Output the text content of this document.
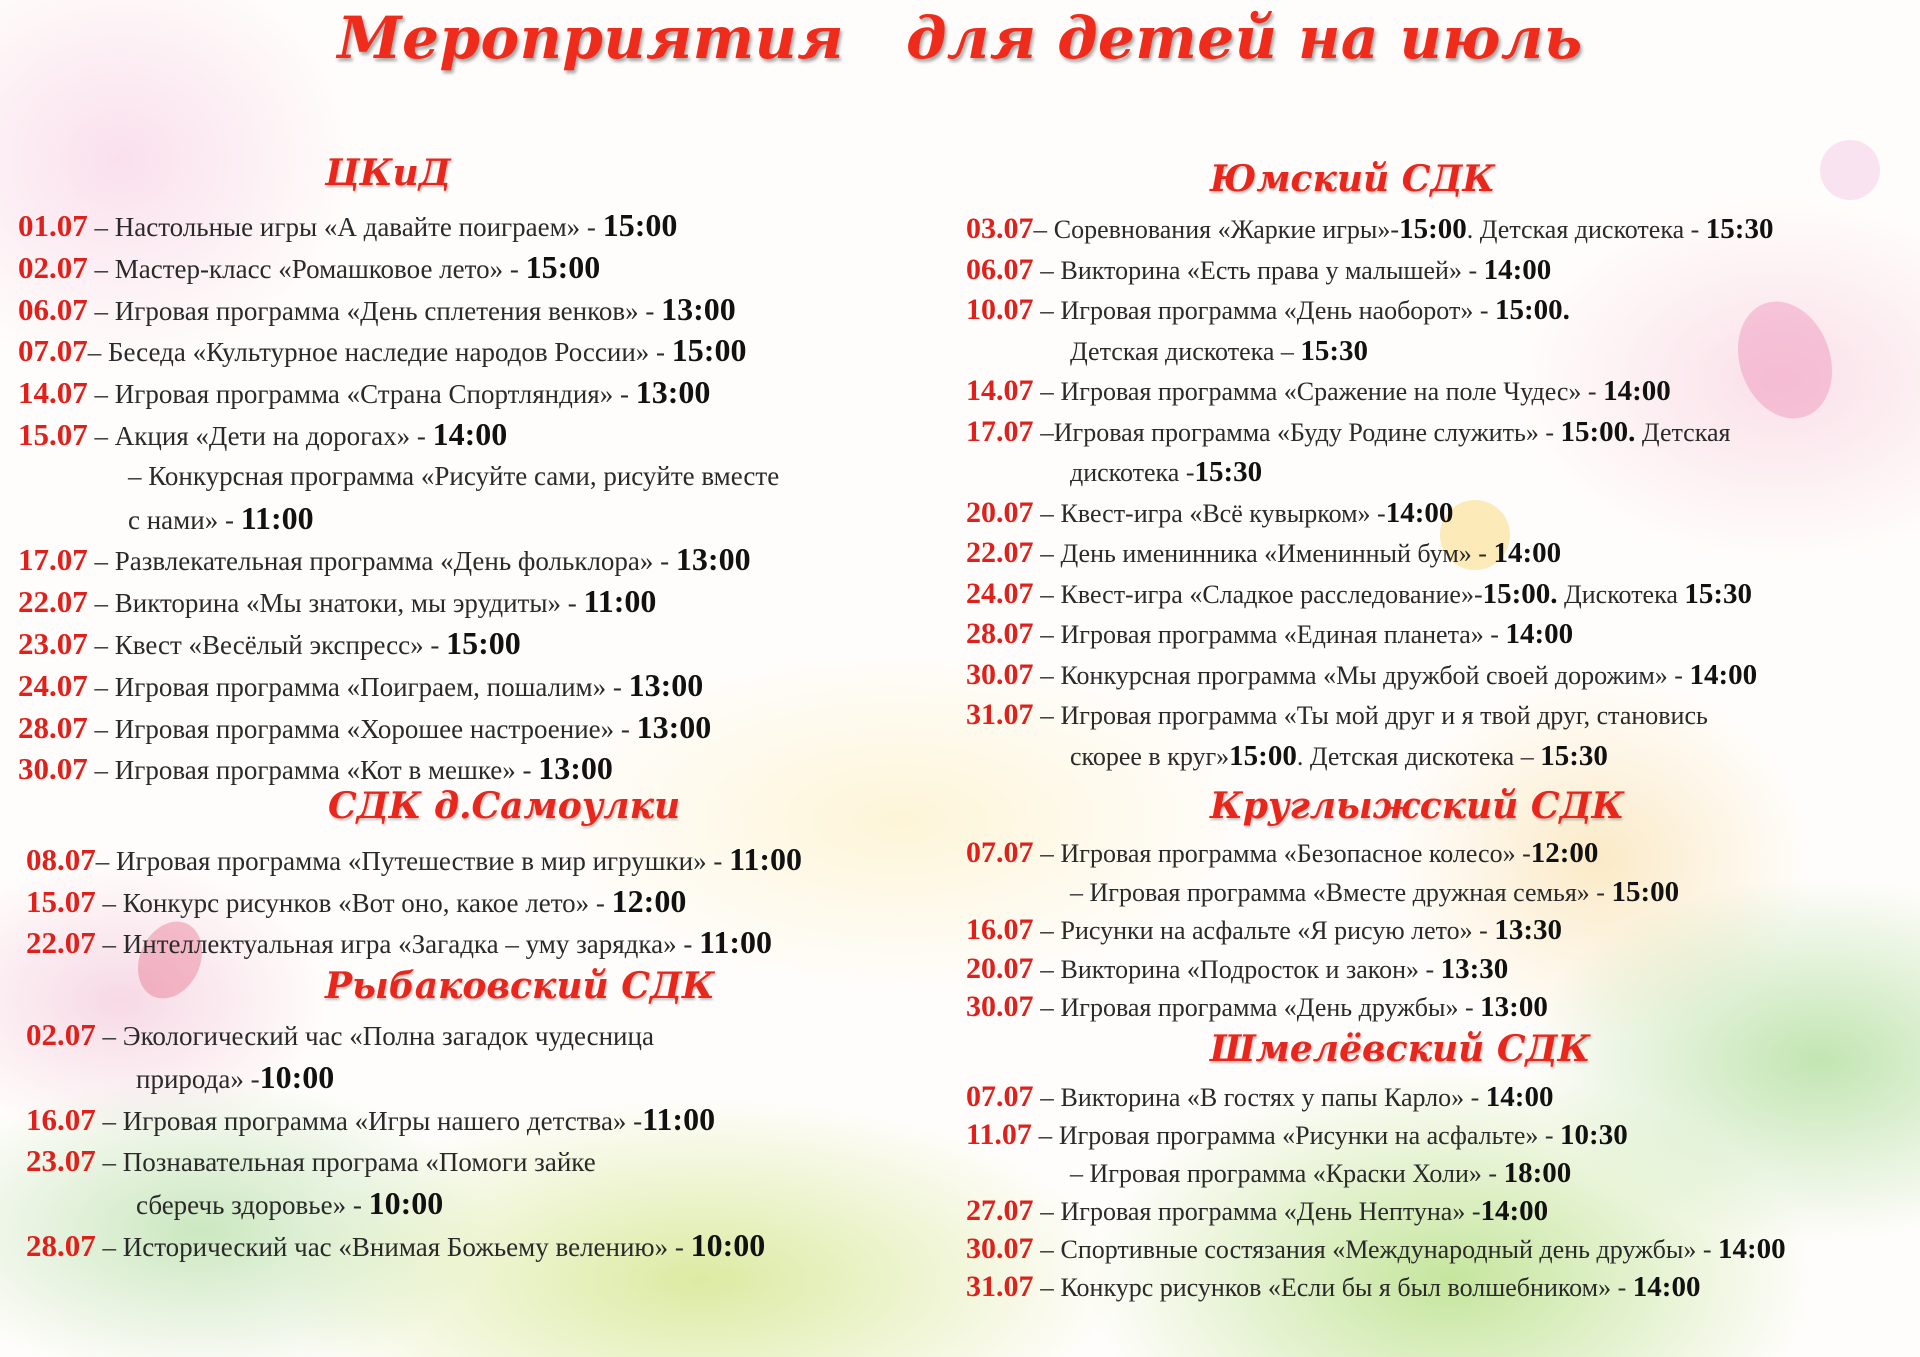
Мероприятия   для детей на июль
ЦКиД
01.07 – Настольные игры «А давайте поиграем» - 15:00
02.07 – Мастер-класс «Ромашковое лето» - 15:00
06.07 – Игровая программа «День сплетения венков» - 13:00
07.07– Беседа «Культурное наследие народов России» - 15:00
14.07 – Игровая программа «Страна Спортляндия» - 13:00
15.07 – Акция «Дети на дорогах» - 14:00
– Конкурсная программа «Рисуйте сами, рисуйте вместе
с нами» - 11:00
17.07 – Развлекательная программа «День фольклора» - 13:00
22.07 – Викторина «Мы знатоки, мы эрудиты» - 11:00
23.07 – Квест «Весёлый экспресс» - 15:00
24.07 – Игровая программа «Поиграем, пошалим» - 13:00
28.07 – Игровая программа «Хорошее настроение» - 13:00
30.07 – Игровая программа «Кот в мешке» - 13:00
СДК д.Самоулки
08.07– Игровая программа «Путешествие в мир игрушки» - 11:00
15.07 – Конкурс рисунков «Вот оно, какое лето» - 12:00
22.07 – Интеллектуальная игра «Загадка – уму зарядка» - 11:00
Рыбаковский СДК
02.07 – Экологический час «Полна загадок чудесница
природа» -10:00
16.07 – Игровая программа «Игры нашего детства» -11:00
23.07 – Познавательная програма «Помоги зайке
сберечь здоровье» - 10:00
28.07 – Исторический час «Внимая Божьему велению» - 10:00
Юмский СДК
03.07– Соревнования «Жаркие игры»-15:00. Детская дискотека - 15:30
06.07 – Викторина «Есть права у малышей» - 14:00
10.07 – Игровая программа «День наоборот» - 15:00.
Детская дискотека – 15:30
14.07 – Игровая программа «Сражение на поле Чудес» - 14:00
17.07 –Игровая программа «Буду Родине служить» - 15:00. Детская
дискотека -15:30
20.07 – Квест-игра «Всё кувырком» -14:00
22.07 – День именинника «Именинный бум» - 14:00
24.07 – Квест-игра «Сладкое расследование»-15:00. Дискотека 15:30
28.07 – Игровая программа «Единая планета» - 14:00
30.07 – Конкурсная программа «Мы дружбой своей дорожим» - 14:00
31.07 – Игровая программа «Ты мой друг и я твой друг, становись
скорее в круг»15:00. Детская дискотека – 15:30
Круглыжский СДК
07.07 – Игровая программа «Безопасное колесо» -12:00
– Игровая программа «Вместе дружная семья» - 15:00
16.07 – Рисунки на асфальте «Я рисую лето» - 13:30
20.07 – Викторина «Подросток и закон» - 13:30
30.07 – Игровая программа «День дружбы» - 13:00
Шмелёвский СДК
07.07 – Викторина «В гостях у папы Карло» - 14:00
11.07 – Игровая программа «Рисунки на асфальте» - 10:30
– Игровая программа «Краски Холи» - 18:00
27.07 – Игровая программа «День Нептуна» -14:00
30.07 – Спортивные состязания «Международный день дружбы» - 14:00
31.07 – Конкурс рисунков «Если бы я был волшебником» - 14:00
